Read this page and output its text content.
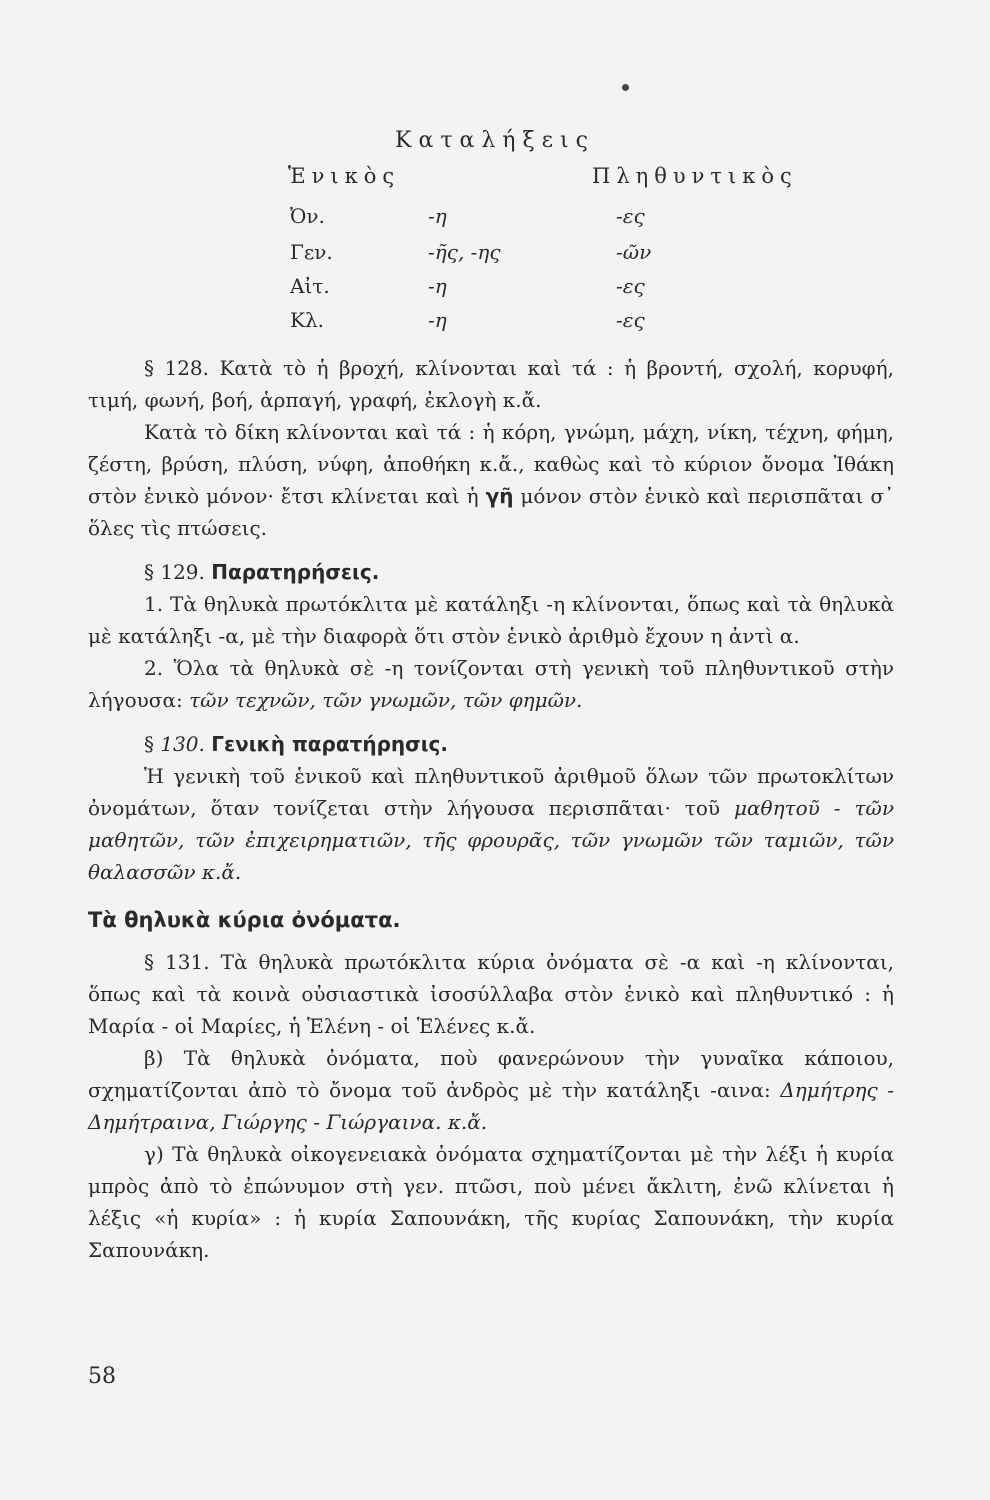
Καταλήξεις
Ἑνικὸς	Πληθυντικὸς
Ὀν.	-η	-ες
Γεν.	-ῆς, -ης	-ῶν
Αἰτ.	-η	-ες
Κλ.	-η	-ες

§ 128. Κατὰ τὸ ἡ βροχή, κλίνονται καὶ τά : ἡ βροντή, σχολή, κορυφή, τιμή, φωνή, βοή, ἁρπαγή, γραφή, ἐκλογὴ κ.ἄ.

Κατὰ τὸ δίκη κλίνονται καὶ τά : ἡ κόρη, γνώμη, μάχη, νίκη, τέχνη, φήμη, ζέστη, βρύση, πλύση, νύφη, ἀποθήκη κ.ἄ., καθὼς καὶ τὸ κύριον ὄνομα Ἰθάκη στὸν ἑνικὸ μόνον· ἔτσι κλίνεται καὶ ἡ γῆ μόνον στὸν ἑνικὸ καὶ περισπᾶται σ᾽ ὅλες τὶς πτώσεις.

§ 129. Παρατηρήσεις.

1. Τὰ θηλυκὰ πρωτόκλιτα μὲ κατάληξι -η κλίνονται, ὅπως καὶ τὰ θηλυκὰ μὲ κατάληξι -α, μὲ τὴν διαφορὰ ὅτι στὸν ἑνικὸ ἀριθμὸ ἔχουν η ἀντὶ α.

2. Ὅλα τὰ θηλυκὰ σὲ -η τονίζονται στὴ γενικὴ τοῦ πληθυντικοῦ στὴν λήγουσα: τῶν τεχνῶν, τῶν γνωμῶν, τῶν φημῶν.

§ 130. Γενικὴ παρατήρησις.

Ἡ γενικὴ τοῦ ἑνικοῦ καὶ πληθυντικοῦ ἀριθμοῦ ὅλων τῶν πρωτοκλίτων ὀνομάτων, ὅταν τονίζεται στὴν λήγουσα περισπᾶται· τοῦ μαθητοῦ - τῶν μαθητῶν, τῶν ἐπιχειρηματιῶν, τῆς φρουρᾶς, τῶν γνωμῶν τῶν ταμιῶν, τῶν θαλασσῶν κ.ἄ.

Τὰ θηλυκὰ κύρια ὀνόματα.

§ 131. Τὰ θηλυκὰ πρωτόκλιτα κύρια ὀνόματα σὲ -α καὶ -η κλίνονται, ὅπως καὶ τὰ κοινὰ οὐσιαστικὰ ἰσοσύλλαβα στὸν ἑνικὸ καὶ πληθυντικό : ἡ Μαρία - οἱ Μαρίες, ἡ Ἑλένη - οἱ Ἑλένες κ.ἄ.

β) Τὰ θηλυκὰ ὀνόματα, ποὺ φανερώνουν τὴν γυναῖκα κάποιου, σχηματίζονται ἀπὸ τὸ ὄνομα τοῦ ἀνδρὸς μὲ τὴν κατάληξι -αινα: Δημήτρης - Δημήτραινα, Γιώργης - Γιώργαινα. κ.ἄ.

γ) Τὰ θηλυκὰ οἰκογενειακὰ ὀνόματα σχηματίζονται μὲ τὴν λέξι ἡ κυρία μπρὸς ἀπὸ τὸ ἐπώνυμον στὴ γεν. πτῶσι, ποὺ μένει ἄκλιτη, ἐνῶ κλίνεται ἡ λέξις «ἡ κυρία» : ἡ κυρία Σαπουνάκη, τῆς κυρίας Σαπουνάκη, τὴν κυρία Σαπουνάκη.

58
